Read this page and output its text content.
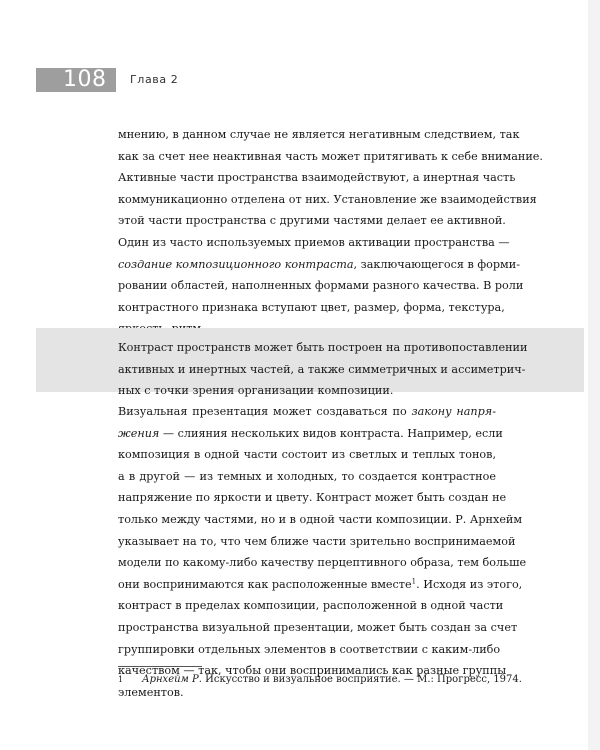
108 Глава 2
мнению, в данном случае не является негативным следствием, так
как за счет нее неактивная часть может притягивать к себе внимание.
Активные части пространства взаимодействуют, а инертная часть
коммуникационно отделена от них. Установление же взаимодействия
этой части пространства с другими частями делает ее активной.
Один из часто используемых приемов активации пространства —
создание композиционного контраста, заключающегося в форми-
ровании областей, наполненных формами разного качества. В роли
контрастного признака вступают цвет, размер, форма, текстура,
Контраст пространств может быть построен на противопоставлении
активных и инертных частей, а также симметричных и ассиметрич-
ных с точки зрения организации композиции.
Визуальная презентация может создаваться по закону напря-
жения — слияния нескольких видов контраста. Например, если
композиция в одной части состоит из светлых и теплых тонов,
а в другой — из темных и холодных, то создается контрастное
напряжение по яркости и цвету. Контраст может быть создан не
только между частями, но и в одной части композиции. Р. Арнхейм
указывает на то, что чем ближе части зрительно воспринимаемой
модели по какому-либо качеству перцептивного образа, тем больше
они воспринимаются как расположенные вместе$^1$. Исходя из этого,
контраст в пределах композиции, расположенной в одной части
пространства визуальной презентации, может быть создан за счет
группировки отдельных элементов в соответствии с каким-либо
качеством — так, чтобы они воспринимались как разные группы
элементов.
1 Арнхейм Р. Искусство и визуальное восприятие. — М.: Прогресс, 1974.
